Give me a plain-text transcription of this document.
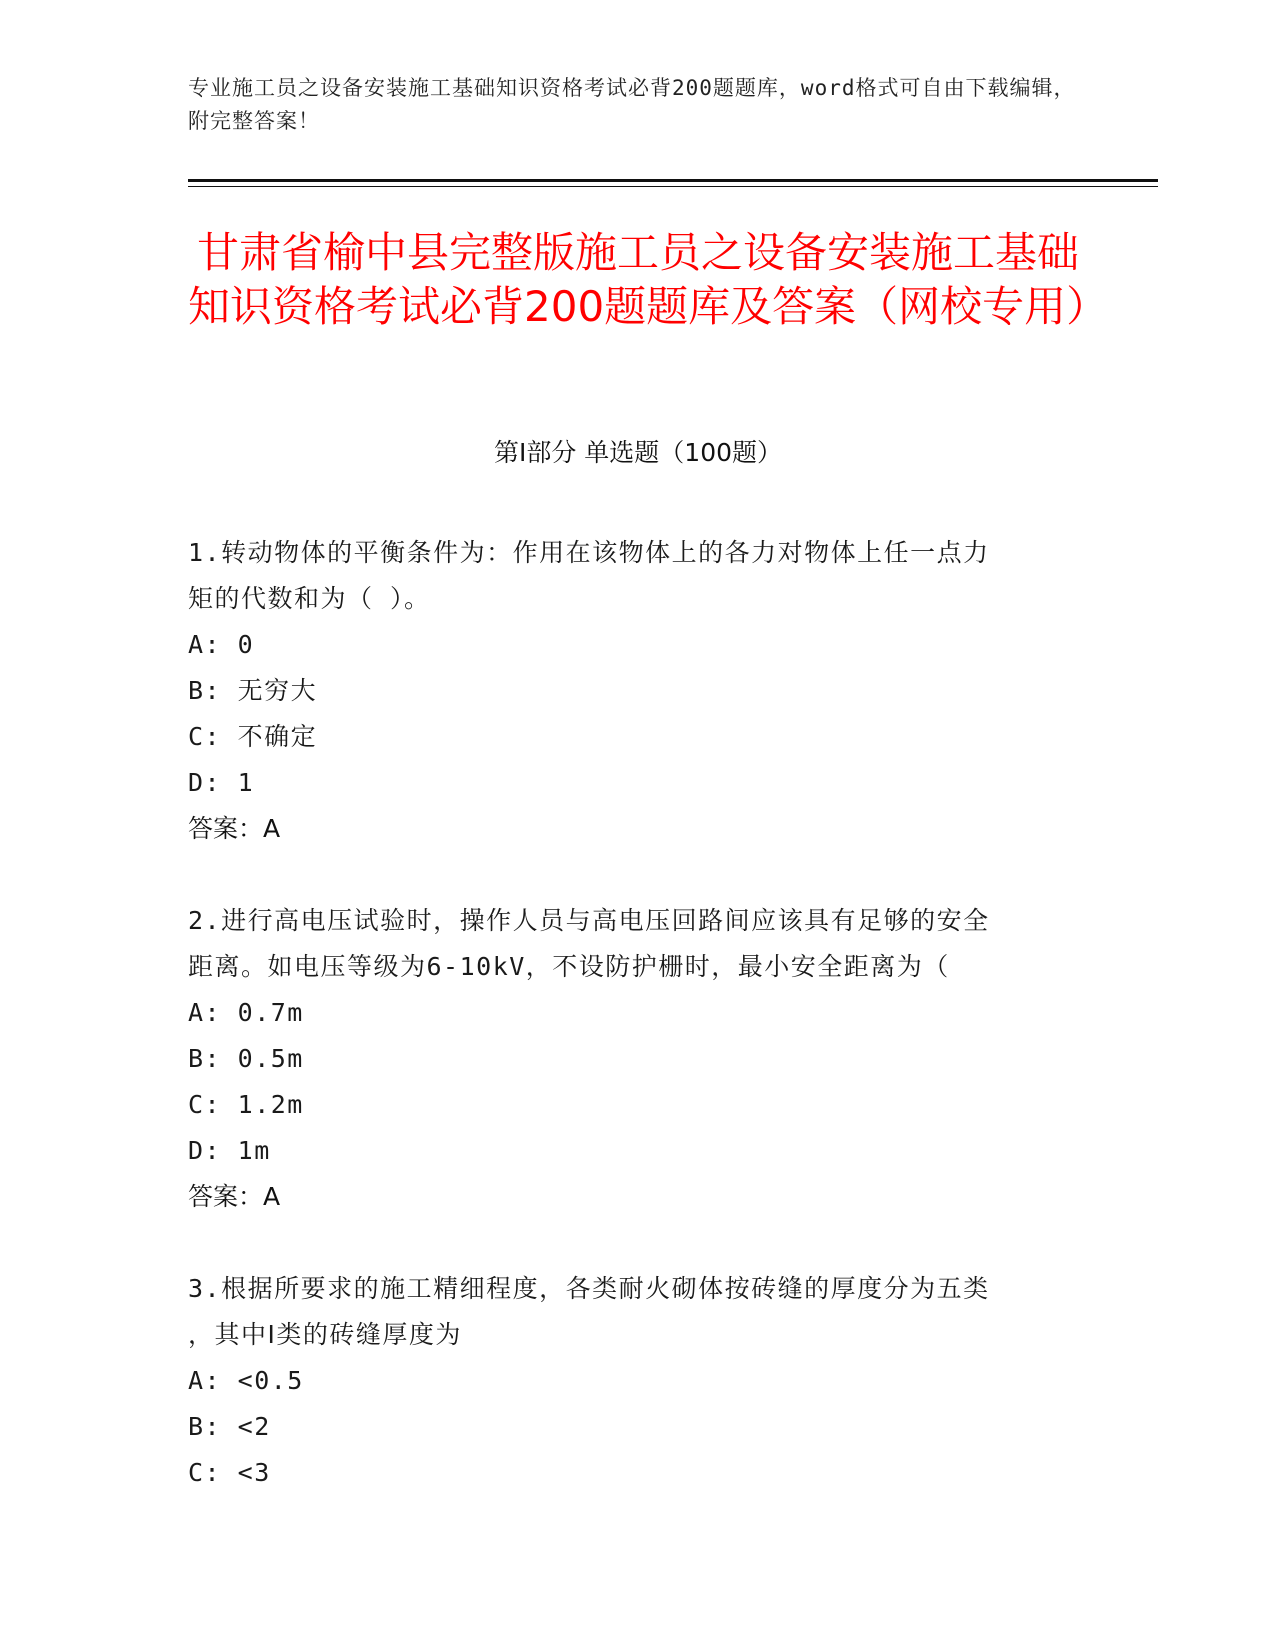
专业施工员之设备安装施工基础知识资格考试必背200题题库，word格式可自由下载编辑，附完整答案！
甘肃省榆中县完整版施工员之设备安装施工基础知识资格考试必背200题题库及答案（网校专用）
第Ⅰ部分 单选题（100题）

1.转动物体的平衡条件为：作用在该物体上的各力对物体上任一点力

矩的代数和为（ ）。

A: 0

B: 无穷大

C: 不确定

D: 1

答案：A

2.进行高电压试验时，操作人员与高电压回路间应该具有足够的安全

距离。如电压等级为6-10kV，不设防护栅时，最小安全距离为（

A: 0.7m

B: 0.5m

C: 1.2m

D: 1m

答案：A

3.根据所要求的施工精细程度，各类耐火砌体按砖缝的厚度分为五类

，其中Ⅰ类的砖缝厚度为

A: <0.5

B: <2

C: <3
